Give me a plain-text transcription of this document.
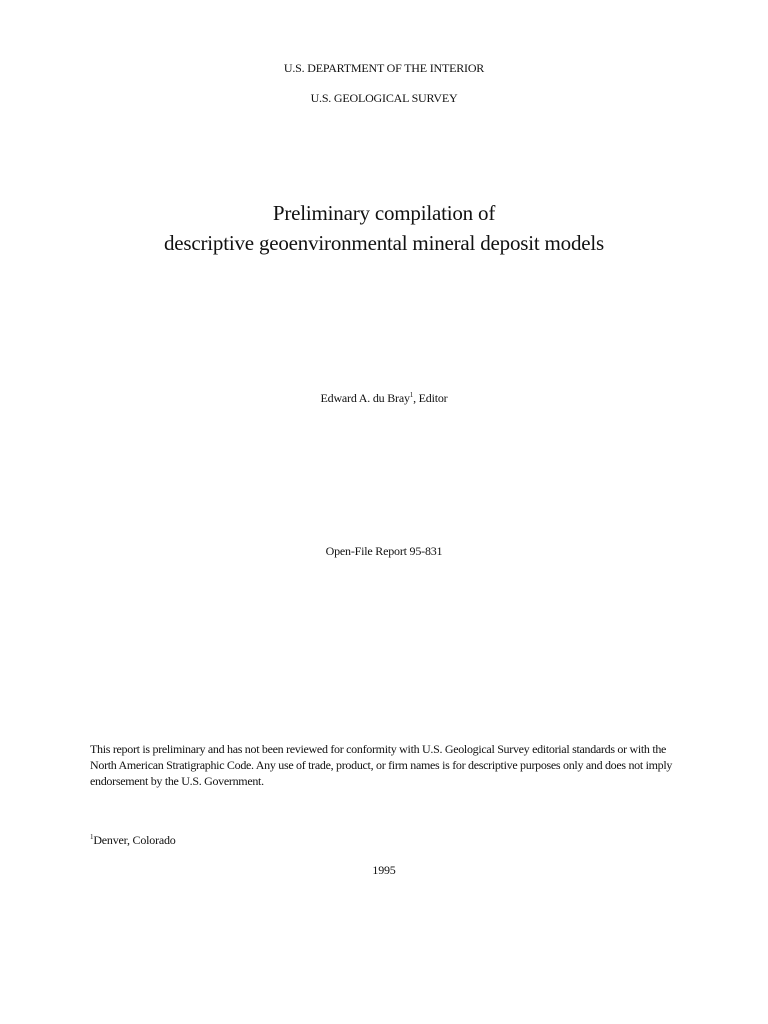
U.S. DEPARTMENT OF THE INTERIOR
U.S. GEOLOGICAL SURVEY
Preliminary compilation of
descriptive geoenvironmental mineral deposit models
Edward A. du Bray$^1$, Editor
Open-File Report 95-831
This report is preliminary and has not been reviewed for conformity with U.S. Geological Survey editorial standards or with the North American Stratigraphic Code. Any use of trade, product, or firm names is for descriptive purposes only and does not imply endorsement by the U.S. Government.
$^1$Denver, Colorado
1995
